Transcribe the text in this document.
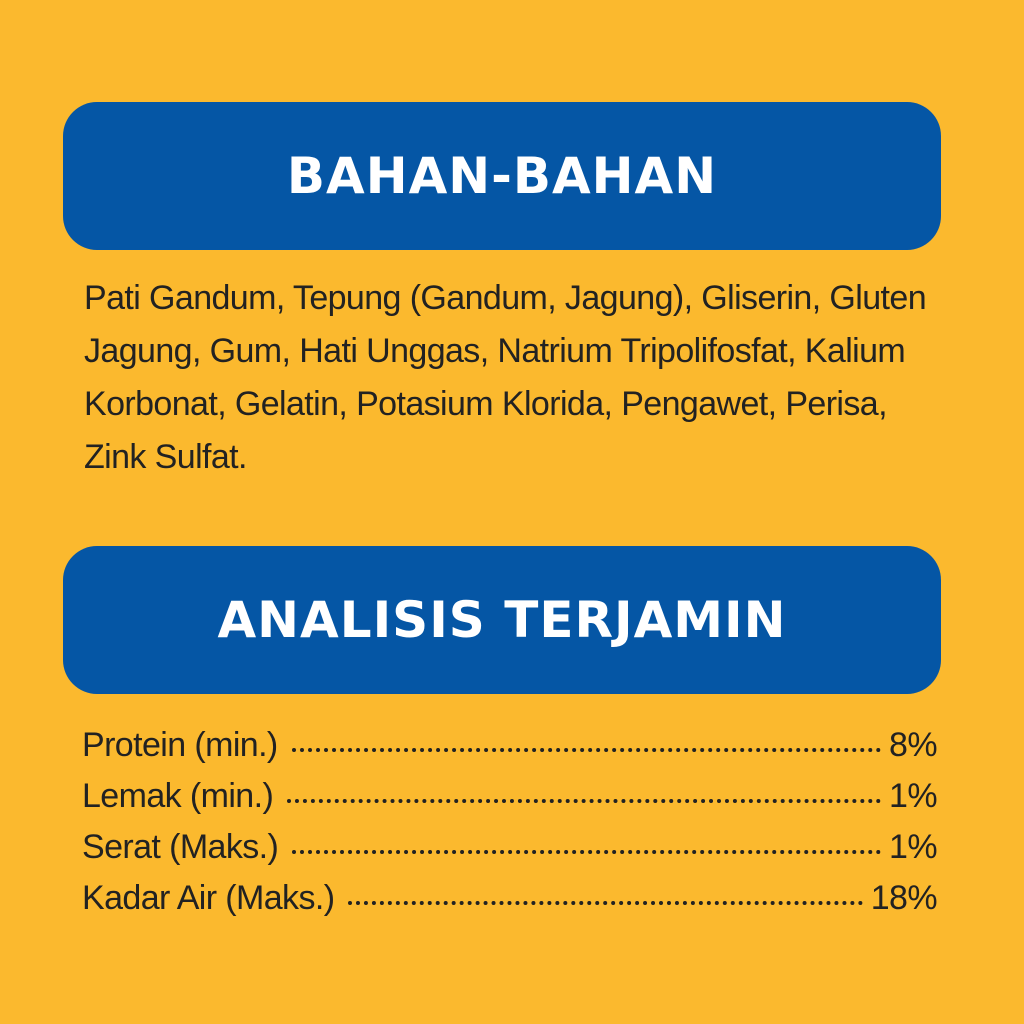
BAHAN-BAHAN
Pati Gandum, Tepung (Gandum, Jagung), Gliserin, Gluten Jagung, Gum, Hati Unggas, Natrium Tripolifosfat, Kalium Korbonat, Gelatin, Potasium Klorida, Pengawet, Perisa, Zink Sulfat.
ANALISIS TERJAMIN
Protein (min.)	8%
Lemak (min.)	1%
Serat (Maks.)	1%
Kadar Air (Maks.)	18%
